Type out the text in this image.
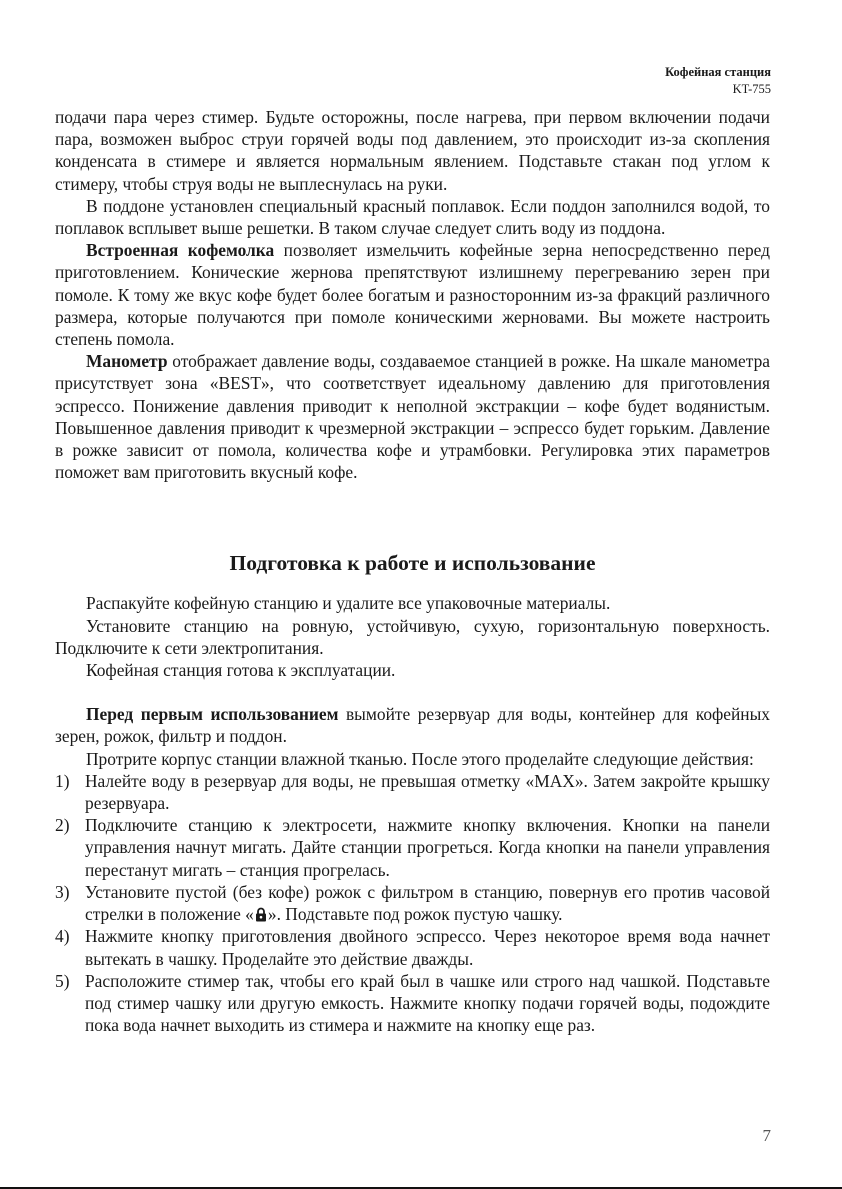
Кофейная станция
KT-755

подачи пара через стимер. Будьте осторожны, после нагрева, при первом включении подачи пара, возможен выброс струи горячей воды под давлением, это происходит из-за скопления конденсата в стимере и является нормальным явлением. Подставьте стакан под углом к стимеру, чтобы струя воды не выплеснулась на руки.

В поддоне установлен специальный красный поплавок. Если поддон заполнился водой, то поплавок всплывет выше решетки. В таком случае следует слить воду из поддона.

Встроенная кофемолка позволяет измельчить кофейные зерна непосредственно перед приготовлением. Конические жернова препятствуют излишнему перегреванию зерен при помоле. К тому же вкус кофе будет более богатым и разносторонним из-за фракций различного размера, которые получаются при помоле коническими жерновами. Вы можете настроить степень помола.

Манометр отображает давление воды, создаваемое станцией в рожке. На шкале манометра присутствует зона «BEST», что соответствует идеальному давлению для приготовления эспрессо. Понижение давления приводит к неполной экстракции – кофе будет водянистым. Повышенное давления приводит к чрезмерной экстракции – эспрессо будет горьким. Давление в рожке зависит от помола, количества кофе и утрамбовки. Регулировка этих параметров поможет вам приготовить вкусный кофе.

Подготовка к работе и использование

Распакуйте кофейную станцию и удалите все упаковочные материалы.

Установите станцию на ровную, устойчивую, сухую, горизонтальную поверхность. Подключите к сети электропитания.

Кофейная станция готова к эксплуатации.

Перед первым использованием вымойте резервуар для воды, контейнер для кофейных зерен, рожок, фильтр и поддон.

Протрите корпус станции влажной тканью. После этого проделайте следующие действия:

1) Налейте воду в резервуар для воды, не превышая отметку «MAX». Затем закройте крышку резервуара.
2) Подключите станцию к электросети, нажмите кнопку включения. Кнопки на панели управления начнут мигать. Дайте станции прогреться. Когда кнопки на панели управления перестанут мигать – станция прогрелась.
3) Установите пустой (без кофе) рожок с фильтром в станцию, повернув его против часовой стрелки в положение « ». Подставьте под рожок пустую чашку.
4) Нажмите кнопку приготовления двойного эспрессо. Через некоторое время вода начнет вытекать в чашку. Проделайте это действие дважды.
5) Расположите стимер так, чтобы его край был в чашке или строго над чашкой. Подставьте под стимер чашку или другую емкость. Нажмите кнопку подачи горячей воды, подождите пока вода начнет выходить из стимера и нажмите на кнопку еще раз.
7
